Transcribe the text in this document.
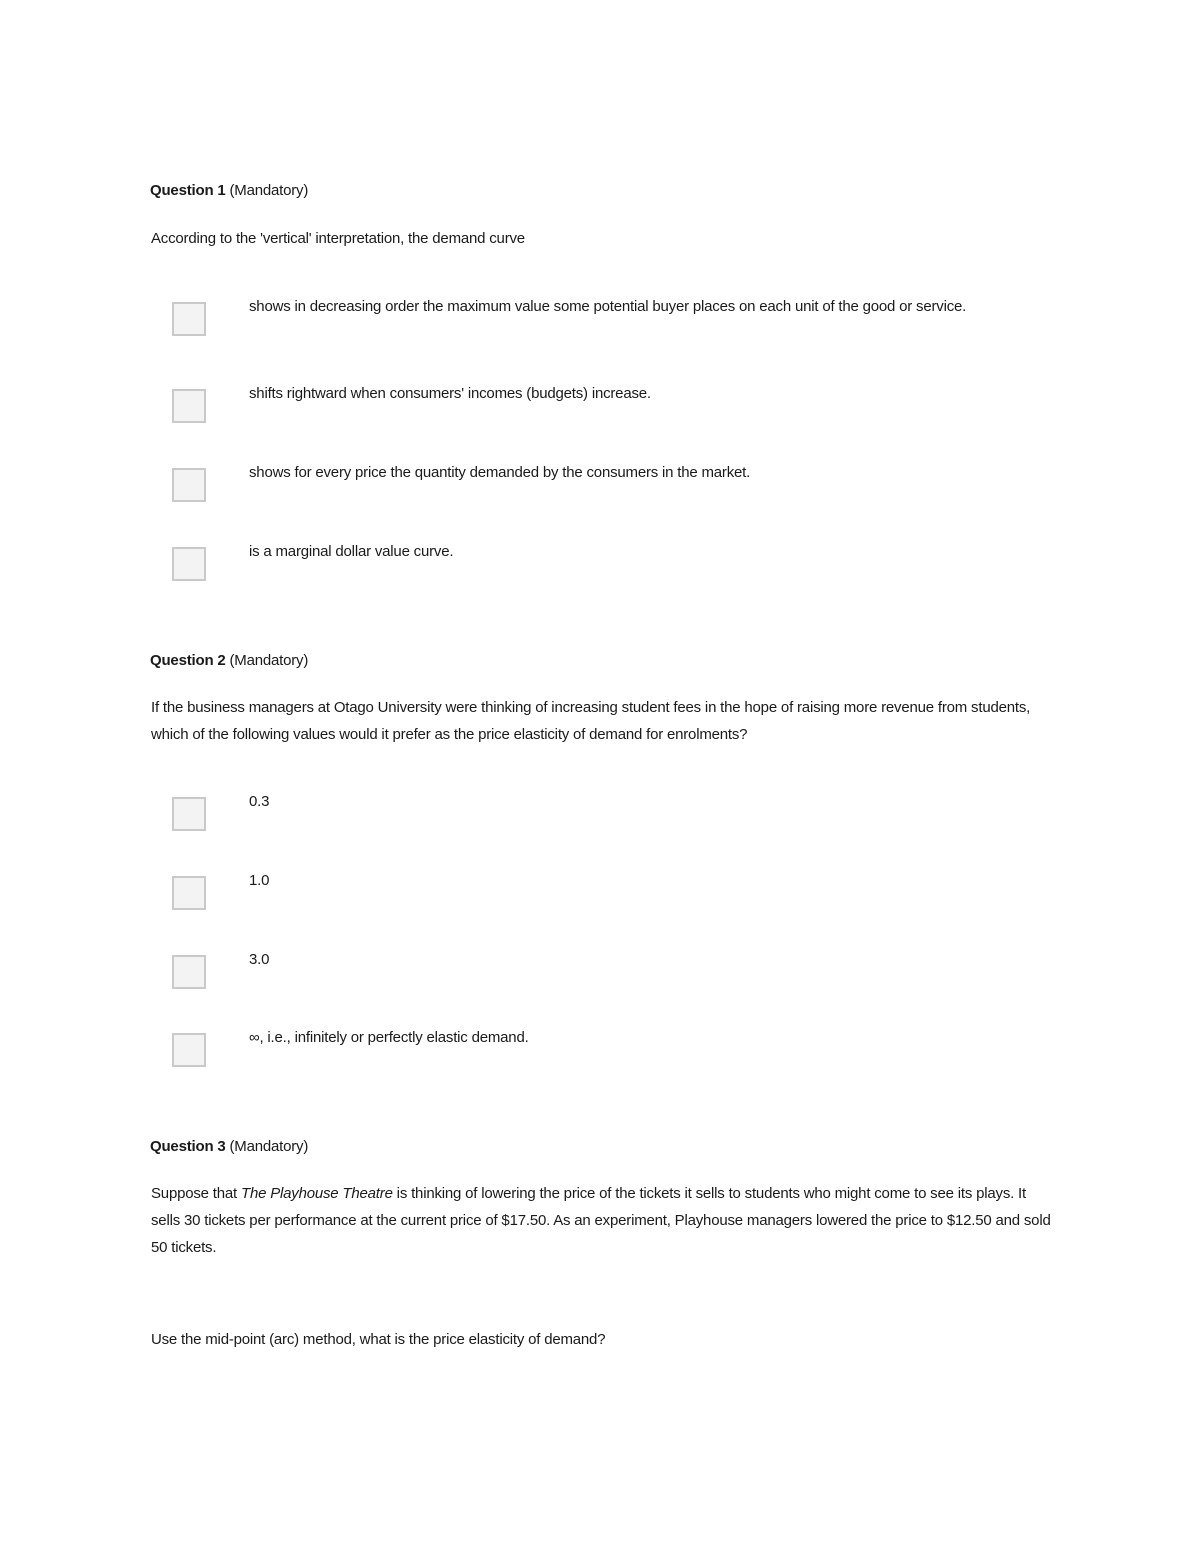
Question 1 (Mandatory)
According to the 'vertical' interpretation, the demand curve
shows in decreasing order the maximum value some potential buyer places on each unit of the good or service.
shifts rightward when consumers' incomes (budgets) increase.
shows for every price the quantity demanded by the consumers in the market.
is a marginal dollar value curve.
Question 2 (Mandatory)
If the business managers at Otago University were thinking of increasing student fees in the hope of raising more revenue from students, which of the following values would it prefer as the price elasticity of demand for enrolments?
0.3
1.0
3.0
∞, i.e., infinitely or perfectly elastic demand.
Question 3 (Mandatory)
Suppose that The Playhouse Theatre is thinking of lowering the price of the tickets it sells to students who might come to see its plays. It sells 30 tickets per performance at the current price of $17.50. As an experiment, Playhouse managers lowered the price to $12.50 and sold 50 tickets.
Use the mid-point (arc) method, what is the price elasticity of demand?
